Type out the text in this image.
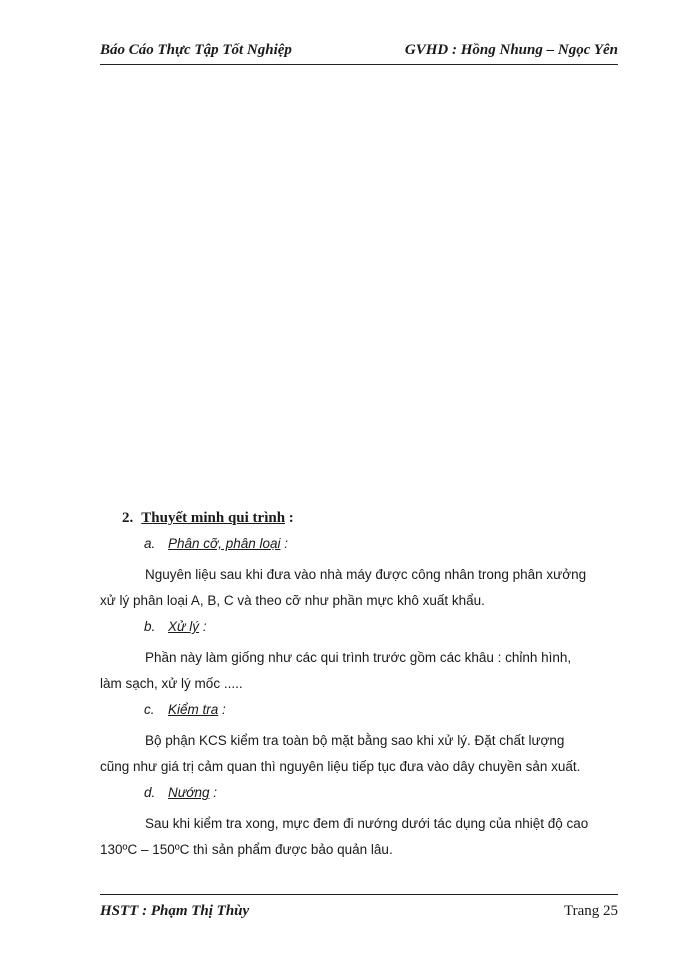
Báo Cáo Thực Tập Tốt Nghiệp	GVHD : Hồng Nhung – Ngọc Yên
2. Thuyết minh qui trình :
a. Phân cỡ, phân loại :
Nguyên liệu sau khi đưa vào nhà máy được công nhân trong phân xưởng
xử lý phân loại A, B, C và theo cỡ như phần mực khô xuất khẩu.
b. Xử lý :
Phần này làm giống như các qui trình trước gồm các khâu : chỉnh hình,
làm sạch, xử lý mốc .....
c. Kiểm tra :
Bộ phận KCS kiểm tra toàn bộ mặt bằng sao khi xử lý. Đặt chất lượng
cũng như giá trị cảm quan thì nguyên liệu tiếp tục đưa vào dây chuyền sản xuất.
d. Nướng :
Sau khi kiểm tra xong, mực đem đi nướng dưới tác dụng của nhiệt độ cao
130ºC – 150ºC thì sản phẩm được bảo quản lâu.
HSTT : Phạm Thị Thùy	Trang 25
